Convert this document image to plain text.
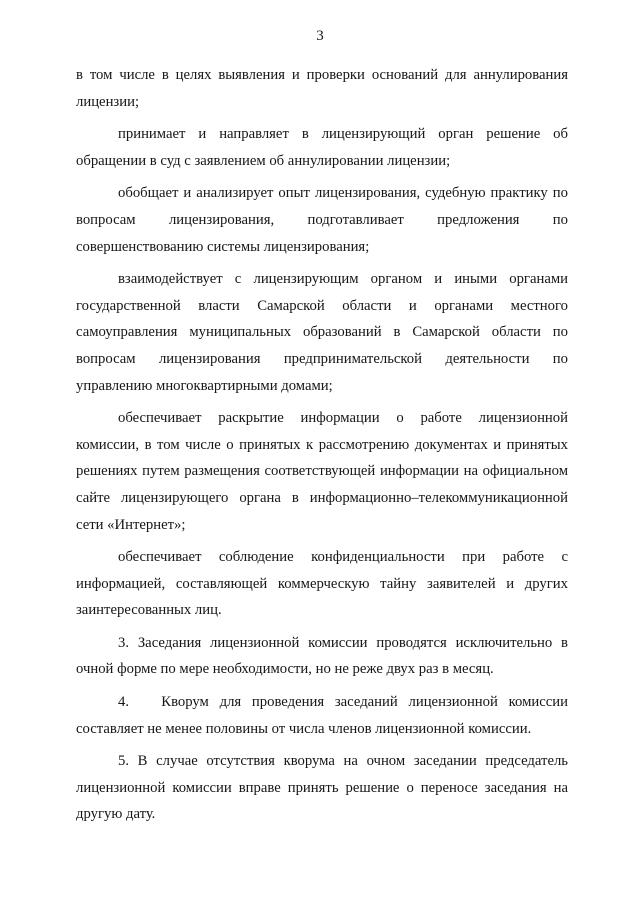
3

в том числе в целях выявления и проверки оснований для аннулирования лицензии;

принимает и направляет в лицензирующий орган решение об обращении в суд с заявлением об аннулировании лицензии;

обобщает и анализирует опыт лицензирования, судебную практику по вопросам лицензирования, подготавливает предложения по совершенствованию системы лицензирования;

взаимодействует с лицензирующим органом и иными органами государственной власти Самарской области и органами местного самоуправления муниципальных образований в Самарской области по вопросам лицензирования предпринимательской деятельности по управлению многоквартирными домами;

обеспечивает раскрытие информации о работе лицензионной комиссии, в том числе о принятых к рассмотрению документах и принятых решениях путем размещения соответствующей информации на официальном сайте лицензирующего органа в информационно–телекоммуникационной сети «Интернет»;

обеспечивает соблюдение конфиденциальности при работе с информацией, составляющей коммерческую тайну заявителей и других заинтересованных лиц.

3. Заседания лицензионной комиссии проводятся исключительно в очной форме по мере необходимости, но не реже двух раз в месяц.

4.   Кворум для проведения заседаний лицензионной комиссии составляет не менее половины от числа членов лицензионной комиссии.

5. В случае отсутствия кворума на очном заседании председатель лицензионной комиссии вправе принять решение о переносе заседания на другую дату.
